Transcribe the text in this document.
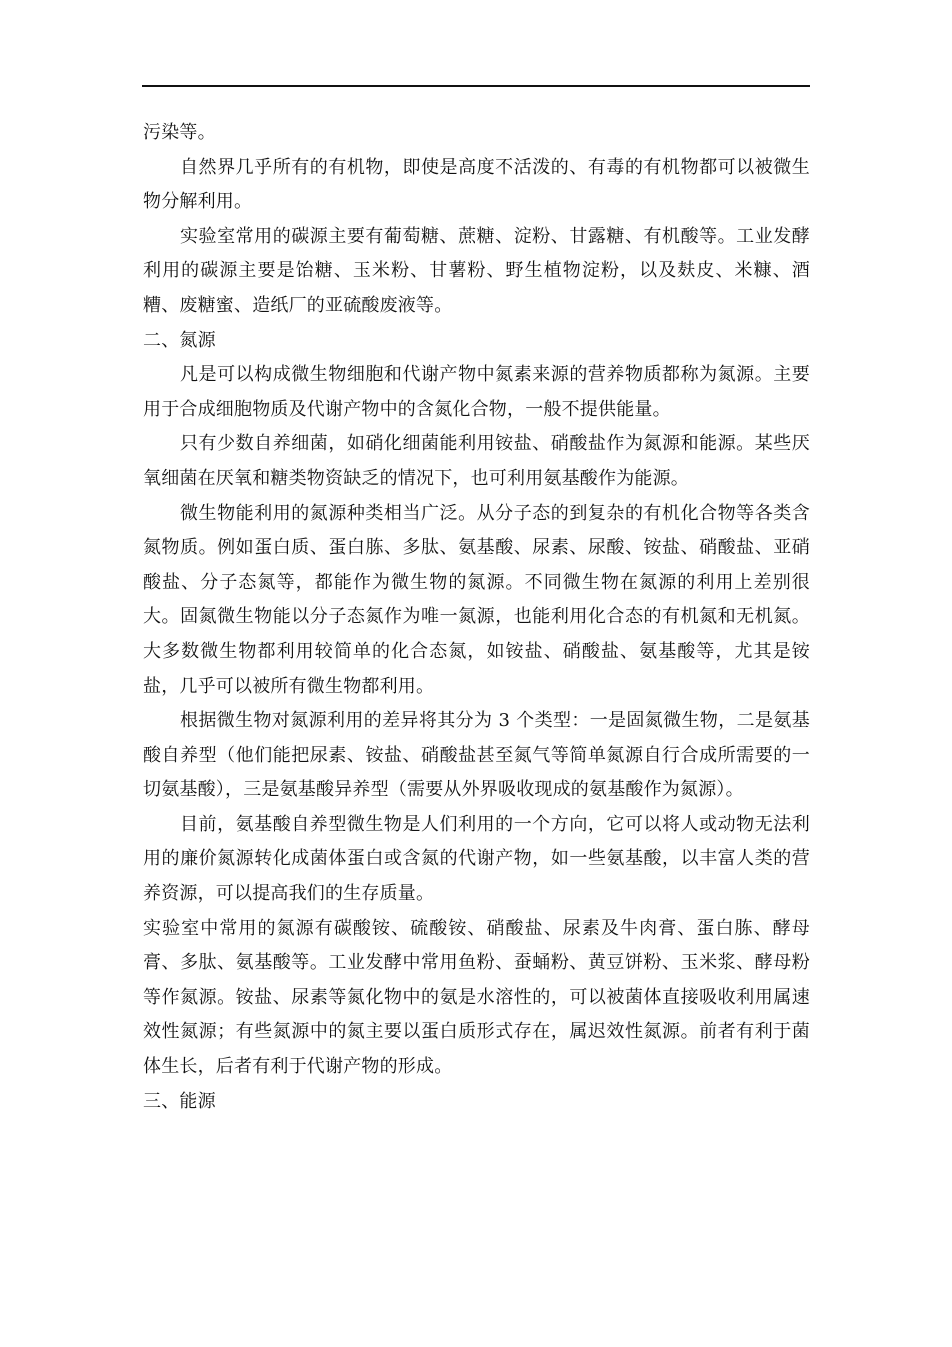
污染等。

自然界几乎所有的有机物，即使是高度不活泼的、有毒的有机物都可以被微生物分解利用。

实验室常用的碳源主要有葡萄糖、蔗糖、淀粉、甘露糖、有机酸等。工业发酵利用的碳源主要是饴糖、玉米粉、甘薯粉、野生植物淀粉，以及麸皮、米糠、酒糟、废糖蜜、造纸厂的亚硫酸废液等。

二、氮源

凡是可以构成微生物细胞和代谢产物中氮素来源的营养物质都称为氮源。主要用于合成细胞物质及代谢产物中的含氮化合物，一般不提供能量。

只有少数自养细菌，如硝化细菌能利用铵盐、硝酸盐作为氮源和能源。某些厌氧细菌在厌氧和糖类物资缺乏的情况下，也可利用氨基酸作为能源。

微生物能利用的氮源种类相当广泛。从分子态的到复杂的有机化合物等各类含氮物质。例如蛋白质、蛋白胨、多肽、氨基酸、尿素、尿酸、铵盐、硝酸盐、亚硝酸盐、分子态氮等，都能作为微生物的氮源。不同微生物在氮源的利用上差别很大。固氮微生物能以分子态氮作为唯一氮源，也能利用化合态的有机氮和无机氮。大多数微生物都利用较简单的化合态氮，如铵盐、硝酸盐、氨基酸等，尤其是铵盐，几乎可以被所有微生物都利用。

根据微生物对氮源利用的差异将其分为 3 个类型：一是固氮微生物，二是氨基酸自养型（他们能把尿素、铵盐、硝酸盐甚至氮气等简单氮源自行合成所需要的一切氨基酸），三是氨基酸异养型（需要从外界吸收现成的氨基酸作为氮源）。

目前，氨基酸自养型微生物是人们利用的一个方向，它可以将人或动物无法利用的廉价氮源转化成菌体蛋白或含氮的代谢产物，如一些氨基酸，以丰富人类的营养资源，可以提高我们的生存质量。

实验室中常用的氮源有碳酸铵、硫酸铵、硝酸盐、尿素及牛肉膏、蛋白胨、酵母膏、多肽、氨基酸等。工业发酵中常用鱼粉、蚕蛹粉、黄豆饼粉、玉米浆、酵母粉等作氮源。铵盐、尿素等氮化物中的氨是水溶性的，可以被菌体直接吸收利用属速效性氮源；有些氮源中的氮主要以蛋白质形式存在，属迟效性氮源。前者有利于菌体生长，后者有利于代谢产物的形成。

三、能源
